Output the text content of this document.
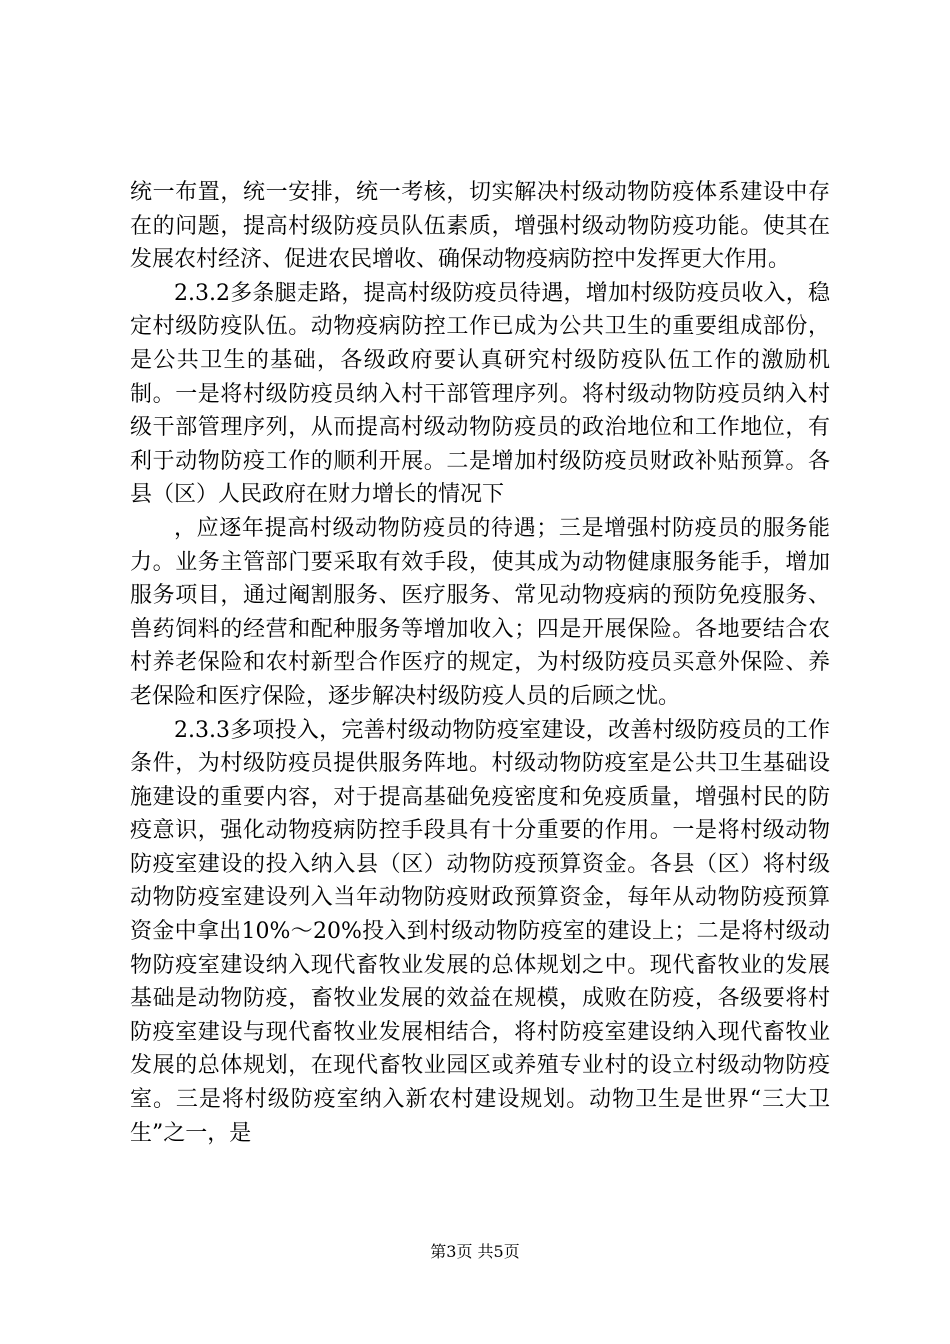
统一布置，统一安排，统一考核，切实解决村级动物防疫体系建设中存在的问题，提高村级防疫员队伍素质，增强村级动物防疫功能。使其在发展农村经济、促进农民增收、确保动物疫病防控中发挥更大作用。

2.3.2多条腿走路，提高村级防疫员待遇，增加村级防疫员收入，稳定村级防疫队伍。动物疫病防控工作已成为公共卫生的重要组成部份，是公共卫生的基础，各级政府要认真研究村级防疫队伍工作的激励机制。一是将村级防疫员纳入村干部管理序列。将村级动物防疫员纳入村级干部管理序列，从而提高村级动物防疫员的政治地位和工作地位，有利于动物防疫工作的顺利开展。二是增加村级防疫员财政补贴预算。各县（区）人民政府在财力增长的情况下

，应逐年提高村级动物防疫员的待遇；三是增强村防疫员的服务能力。业务主管部门要采取有效手段，使其成为动物健康服务能手，增加服务项目，通过阉割服务、医疗服务、常见动物疫病的预防免疫服务、兽药饲料的经营和配种服务等增加收入；四是开展保险。各地要结合农村养老保险和农村新型合作医疗的规定，为村级防疫员买意外保险、养老保险和医疗保险，逐步解决村级防疫人员的后顾之忧。

2.3.3多项投入，完善村级动物防疫室建设，改善村级防疫员的工作条件，为村级防疫员提供服务阵地。村级动物防疫室是公共卫生基础设施建设的重要内容，对于提高基础免疫密度和免疫质量，增强村民的防疫意识，强化动物疫病防控手段具有十分重要的作用。一是将村级动物防疫室建设的投入纳入县（区）动物防疫预算资金。各县（区）将村级动物防疫室建设列入当年动物防疫财政预算资金，每年从动物防疫预算资金中拿出10%～20%投入到村级动物防疫室的建设上；二是将村级动物防疫室建设纳入现代畜牧业发展的总体规划之中。现代畜牧业的发展基础是动物防疫，畜牧业发展的效益在规模，成败在防疫，各级要将村防疫室建设与现代畜牧业发展相结合，将村防疫室建设纳入现代畜牧业发展的总体规划，在现代畜牧业园区或养殖专业村的设立村级动物防疫室。三是将村级防疫室纳入新农村建设规划。动物卫生是世界“三大卫生”之一，是

第3页 共5页
